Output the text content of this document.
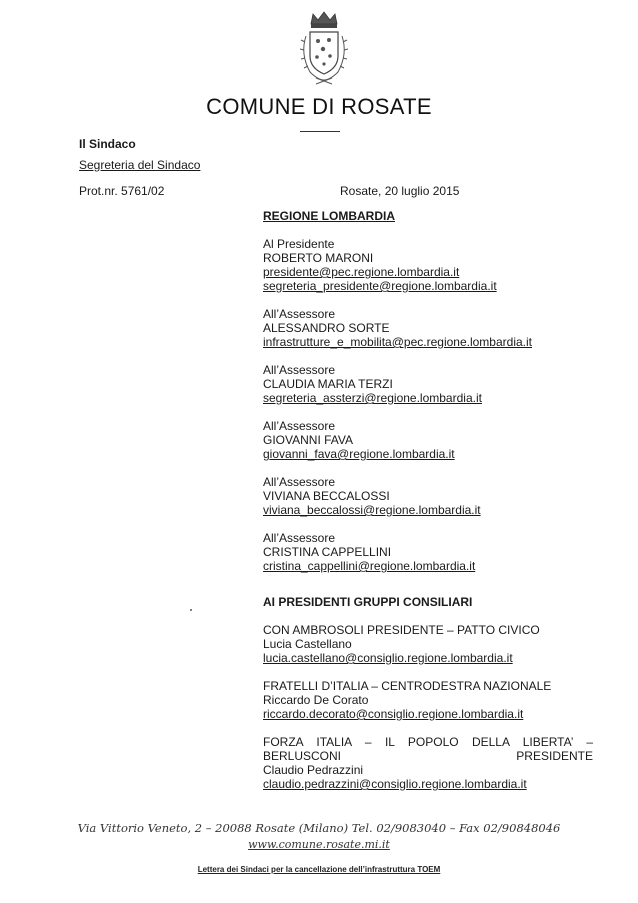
COMUNE DI ROSATE
Il Sindaco
Segreteria del Sindaco
Prot.nr. 5761/02	Rosate, 20 luglio 2015
REGIONE LOMBARDIA
Al Presidente
ROBERTO MARONI
presidente@pec.regione.lombardia.it
segreteria_presidente@regione.lombardia.it
All’Assessore
ALESSANDRO SORTE
infrastrutture_e_mobilita@pec.regione.lombardia.it
All’Assessore
CLAUDIA MARIA TERZI
segreteria_assterzi@regione.lombardia.it
All’Assessore
GIOVANNI FAVA
giovanni_fava@regione.lombardia.it
All’Assessore
VIVIANA BECCALOSSI
viviana_beccalossi@regione.lombardia.it
All’Assessore
CRISTINA CAPPELLINI
cristina_cappellini@regione.lombardia.it
AI PRESIDENTI GRUPPI CONSILIARI
CON AMBROSOLI PRESIDENTE – PATTO CIVICO
Lucia Castellano
lucia.castellano@consiglio.regione.lombardia.it
FRATELLI D’ITALIA – CENTRODESTRA NAZIONALE
Riccardo De Corato
riccardo.decorato@consiglio.regione.lombardia.it
FORZA ITALIA – IL POPOLO DELLA LIBERTA’ – BERLUSCONI PRESIDENTE
Claudio Pedrazzini
claudio.pedrazzini@consiglio.regione.lombardia.it
Via Vittorio Veneto, 2 – 20088 Rosate (Milano) Tel. 02/9083040 – Fax 02/90848046
www.comune.rosate.mi.it
Lettera dei Sindaci per la cancellazione dell’infrastruttura TOEM
